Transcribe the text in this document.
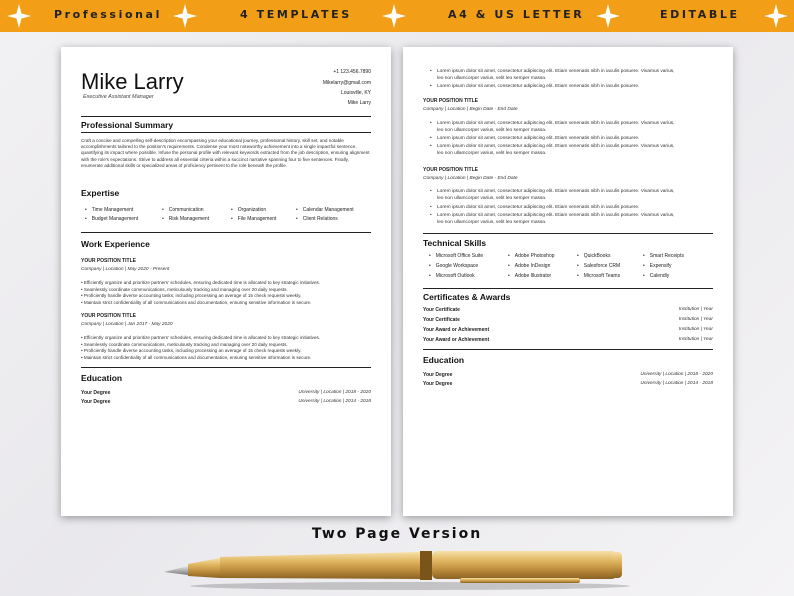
Professional	4 TEMPLATES	A4 & US LETTER	EDITABLE
Mike Larry
Executive Assistant Manager
+1 123.456.7890
Mikelarry@gmail.com
Louisville, KY
Mike Larry
Professional Summary
Craft a concise and compelling self-description encompassing your educational journey, professional history, skill set, and notable accomplishments tailored to the position's requirements. Condense your most noteworthy achievement into a single impactful sentence, quantifying its impact where possible. Infuse the personal profile with relevant keywords extracted from the job description, ensuring alignment with the role's expectations. Strive to address all essential criteria within a succinct narrative spanning four to five sentences. Finally, enumerate additional skills or specialized areas of proficiency pertinent to the role beneath the profile.
Expertise
• Time Management	• Communication	• Organization	• Calendar Management
• Budget Management	• Risk Management	• File Management	• Client Relations
Work Experience
YOUR POSITION TITLE
Company | Location | May 2020 - Present
• Efficiently organize and prioritize partners' schedules, ensuring dedicated time is allocated to key strategic initiatives.
• Seamlessly coordinate communications, meticulously tracking and managing over 20 daily requests.
• Proficiently handle diverse accounting tasks, including processing an average of 15 check requests weekly.
• Maintain strict confidentiality of all communications and documentation, ensuring sensitive information is secure.
YOUR POSITION TITLE
Company | Location | Jan 2017 - May 2020
• Efficiently organize and prioritize partners' schedules, ensuring dedicated time is allocated to key strategic initiatives.
• Seamlessly coordinate communications, meticulously tracking and managing over 20 daily requests.
• Proficiently handle diverse accounting tasks, including processing an average of 15 check requests weekly.
• Maintain strict confidentiality of all communications and documentation, ensuring sensitive information is secure.
Education
Your Degree	University | Location | 2018 - 2020
Your Degree	University | Location | 2014 - 2018
• Lorem ipsum dolor sit amet, consectetur adipiscing elit. Etiam venenatis nibh in iaculis posuere. Vivamus varius,
leo non ullamcorper varius, velit leo semper massa.
• Lorem ipsum dolor sit amet, consectetur adipiscing elit. Etiam venenatis nibh in iaculis posuere.
YOUR POSITION TITLE
Company | Location | Begin Date - End Date
• Lorem ipsum dolor sit amet, consectetur adipiscing elit. Etiam venenatis nibh in iaculis posuere. Vivamus varius,
leo non ullamcorper varius, velit leo semper massa.
• Lorem ipsum dolor sit amet, consectetur adipiscing elit. Etiam venenatis nibh in iaculis posuere.
• Lorem ipsum dolor sit amet, consectetur adipiscing elit. Etiam venenatis nibh in iaculis posuere. Vivamus varius,
leo non ullamcorper varius, velit leo semper massa.
YOUR POSITION TITLE
Company | Location | Begin Date - End Date
• Lorem ipsum dolor sit amet, consectetur adipiscing elit. Etiam venenatis nibh in iaculis posuere. Vivamus varius,
leo non ullamcorper varius, velit leo semper massa.
• Lorem ipsum dolor sit amet, consectetur adipiscing elit. Etiam venenatis nibh in iaculis posuere.
• Lorem ipsum dolor sit amet, consectetur adipiscing elit. Etiam venenatis nibh in iaculis posuere. Vivamus varius,
leo non ullamcorper varius, velit leo semper massa.
Technical Skills
• Microsoft Office Suite	• Adobe Photoshop	• QuickBooks	• Smart Receipts
• Google Workspace	• Adobe InDesign	• Salesforce CRM	• Expensify
• Microsoft Outlook	• Adobe Illustrator	• Microsoft Teams	• Calendly
Certificates & Awards
Your Certificate	Institution | Year
Your Certificate	Institution | Year
Your Award or Achievement	Institution | Year
Your Award or Achievement	Institution | Year
Education
Your Degree	University | Location | 2018 - 2020
Your Degree	University | Location | 2014 - 2018
Two Page Version
